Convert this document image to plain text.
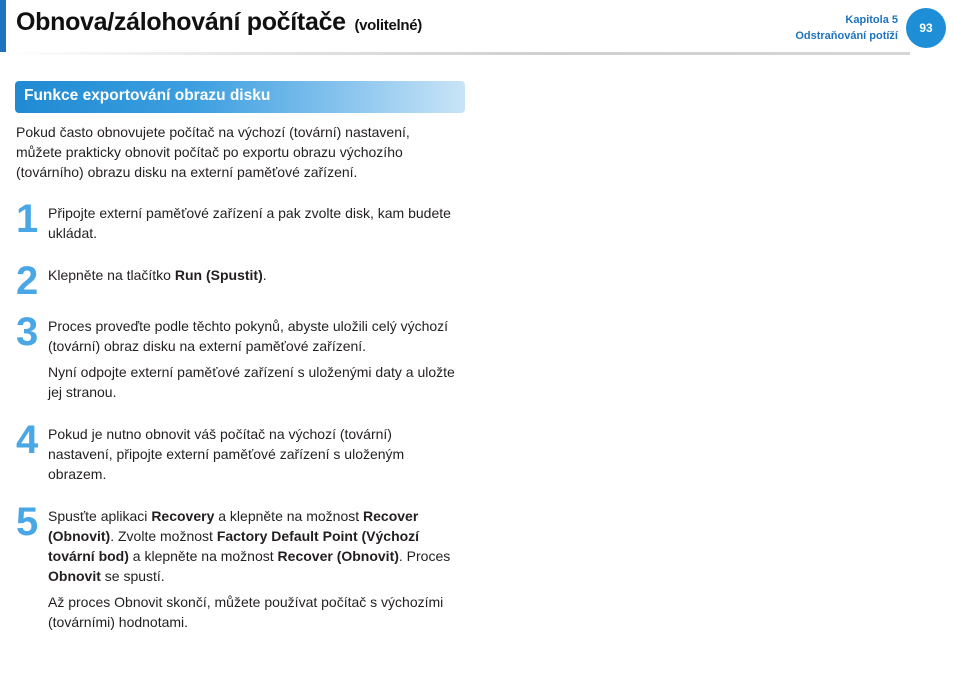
Obnova/zálohování počítače (volitelné)	Kapitola 5
Odstraňování potíží
93
Funkce exportování obrazu disku
Pokud často obnovujete počítač na výchozí (tovární) nastavení, můžete prakticky obnovit počítač po exportu obrazu výchozího (továrního) obrazu disku na externí paměťové zařízení.
1 Připojte externí paměťové zařízení a pak zvolte disk, kam budete ukládat.

2 Klepněte na tlačítko Run (Spustit).

3 Proces proveďte podle těchto pokynů, abyste uložili celý výchozí (tovární) obraz disku na externí paměťové zařízení.

Nyní odpojte externí paměťové zařízení s uloženými daty a uložte jej stranou.

4 Pokud je nutno obnovit váš počítač na výchozí (tovární) nastavení, připojte externí paměťové zařízení s uloženým obrazem.

5 Spusťte aplikaci Recovery a klepněte na možnost Recover (Obnovit). Zvolte možnost Factory Default Point (Výchozí tovární bod) a klepněte na možnost Recover (Obnovit). Proces Obnovit se spustí.

Až proces Obnovit skončí, můžete používat počítač s výchozími (továrními) hodnotami.
